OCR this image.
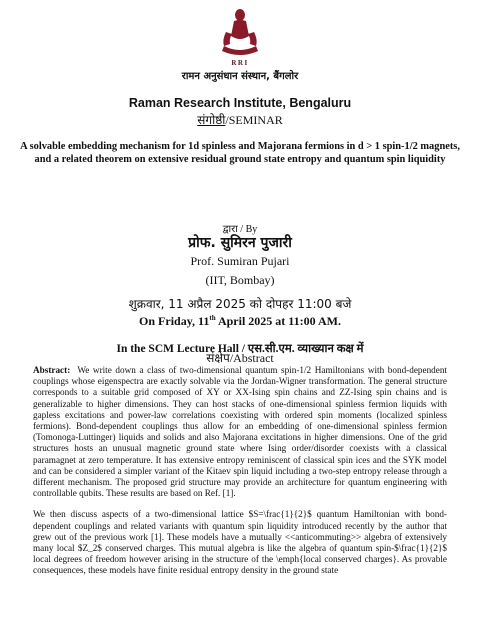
RRI
रामन अनुसंधान संस्थान, बैंगलोर
Raman Research Institute, Bengaluru
संगोष्ठी/SEMINAR
A solvable embedding mechanism for 1d spinless and Majorana fermions in d > 1 spin-1/2 magnets, and a related theorem on extensive residual ground state entropy and quantum spin liquidity
द्वारा / By
प्रोफ. सुमिरन पुजारी
Prof. Sumiran Pujari
(IIT, Bombay)
शुक्रवार, 11 अप्रैल 2025 को दोपहर 11:00 बजे
On Friday, 11th April 2025 at 11:00 AM.
In the SCM Lecture Hall / एस.सी.एम. व्याख्यान कक्ष में
संक्षेप/Abstract

Abstract: We write down a class of two-dimensional quantum spin-1/2 Hamiltonians with bond-dependent couplings whose eigenspectra are exactly solvable via the Jordan-Wigner transformation. The general structure corresponds to a suitable grid composed of XY or XX-Ising spin chains and ZZ-Ising spin chains and is generalizable to higher dimensions. They can host stacks of one-dimensional spinless fermion liquids with gapless excitations and power-law correlations coexisting with ordered spin moments (localized spinless fermions). Bond-dependent couplings thus allow for an embedding of one-dimensional spinless fermion (Tomonoga-Luttinger) liquids and solids and also Majorana excitations in higher dimensions. One of the grid structures hosts an unusual magnetic ground state where Ising order/disorder coexists with a classical paramagnet at zero temperature. It has extensive entropy reminiscent of classical spin ices and the SYK model and can be considered a simpler variant of the Kitaev spin liquid including a two-step entropy release through a different mechanism. The proposed grid structure may provide an architecture for quantum engineering with controllable qubits. These results are based on Ref. [1].

We then discuss aspects of a two-dimensional lattice $S=\frac{1}{2}$ quantum Hamiltonian with bond-dependent couplings and related variants with quantum spin liquidity introduced recently by the author that grew out of the previous work [1]. These models have a mutually <<anticommuting>> algebra of extensively many local $Z_2$ conserved charges. This mutual algebra is like the algebra of quantum spin-$\frac{1}{2}$ local degrees of freedom however arising in the structure of the \emph{local conserved charges}. As provable consequences, these models have finite residual entropy density in the ground state
